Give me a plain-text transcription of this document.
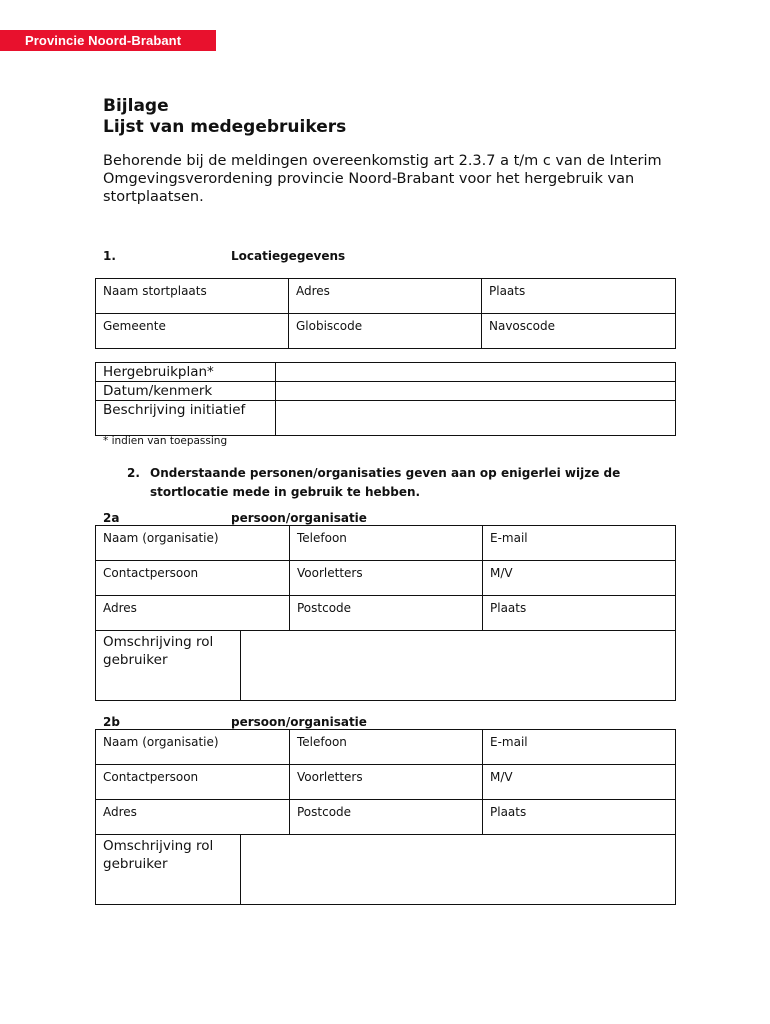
Provincie Noord-Brabant
Bijlage
Lijst van medegebruikers
Behorende bij de meldingen overeenkomstig art 2.3.7 a t/m c van de Interim Omgevingsverordening provincie Noord-Brabant voor het hergebruik van stortplaatsen.
1.	Locatiegegevens
Naam stortplaats	Adres	Plaats
Gemeente	Globiscode	Navoscode
Hergebruikplan*	
Datum/kenmerk	
Beschrijving initiatief	
* indien van toepassing
2. Onderstaande personen/organisaties geven aan op enigerlei wijze de stortlocatie mede in gebruik te hebben.
2a	persoon/organisatie
Naam (organisatie)		Telefoon	E-mail
Contactpersoon		Voorletters	M/V
Adres		Postcode	Plaats

Omschrijving rol
gebruiker			

2b	persoon/organisatie
Naam (organisatie)		Telefoon	E-mail
Contactpersoon		Voorletters	M/V
Adres		Postcode	Plaats

Omschrijving rol
gebruiker			
